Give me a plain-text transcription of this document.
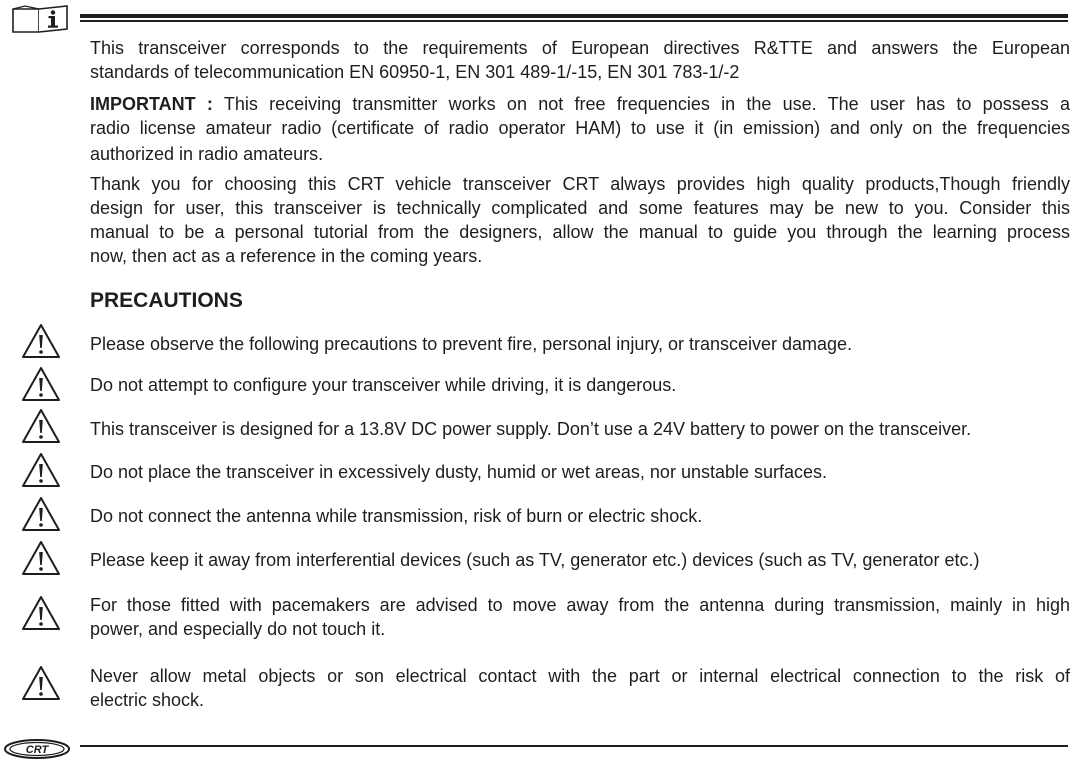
This transceiver corresponds to the requirements of European directives R&TTE and answers the European
standards of telecommunication EN 60950-1, EN 301 489-1/-15, EN 301 783-1/-2
IMPORTANT : This receiving transmitter works on not free frequencies in the use. The user has to possess a
radio license amateur radio (certificate of radio operator HAM) to use it (in emission) and only on the frequencies
authorized in radio amateurs.
Thank you for choosing this CRT vehicle transceiver CRT always provides high quality products,Though friendly
design for user, this transceiver is technically complicated and some features may be new to you. Consider this
manual to be a personal tutorial from the designers, allow the manual to guide you through the learning process
now, then act as a reference in the coming years.
PRECAUTIONS
Please observe the following precautions to prevent fire, personal injury, or transceiver damage.
Do not attempt to configure your transceiver while driving, it is dangerous.
This transceiver is designed for a 13.8V DC power supply. Don’t use a 24V battery to power on the transceiver.
Do not place the transceiver in excessively dusty, humid or wet areas, nor unstable surfaces.
Do not connect the antenna while transmission, risk of burn or electric shock.
Please keep it away from interferential devices (such as TV, generator etc.) devices (such as TV, generator etc.)
For those fitted with pacemakers are advised to move away from the antenna during transmission, mainly in high
power, and especially do not touch it.
Never allow metal objects or son electrical contact with the part or internal electrical connection to the risk of
electric shock.
CRT
